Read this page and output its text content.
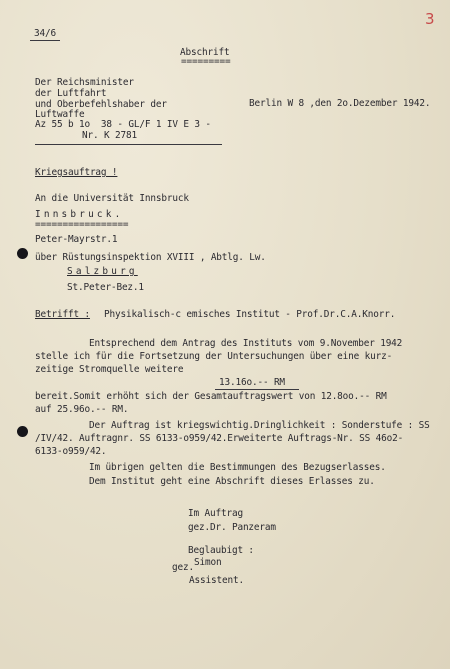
34/6
3
Abschrift
=========
Der Reichsminister
der Luftfahrt
und Oberbefehlshaber der
Luftwaffe
Az 55 b 1o  38 - GL/F 1 IV E 3 -
Nr. K 2781
Berlin W 8 ,den 2o.Dezember 1942.
Kriegsauftrag !
An die Universität Innsbruck
Innsbruck.
=================
Peter-Mayrstr.1
über Rüstungsinspektion XVIII , Abtlg. Lw.
Salzburg
St.Peter-Bez.1
Betrifft : Physikalisch-c emisches Institut - Prof.Dr.C.A.Knorr.
Entsprechend dem Antrag des Instituts vom 9.November 1942
stelle ich für die Fortsetzung der Untersuchungen über eine kurz-
zeitige Stromquelle weitere
13.16o.-- RM
bereit.Somit erhöht sich der Gesamtauftragswert von 12.8oo.-- RM
auf 25.96o.-- RM.
Der Auftrag ist kriegswichtig.Dringlichkeit : Sonderstufe : SS
/IV/42. Auftragnr. SS 6133-o959/42.Erweiterte Auftrags-Nr. SS 46o2-
6133-o959/42.
Im übrigen gelten die Bestimmungen des Bezugserlasses.
Dem Institut geht eine Abschrift dieses Erlasses zu.
Im Auftrag
gez.Dr. Panzeram
Beglaubigt :
gez. Simon
Assistent.
